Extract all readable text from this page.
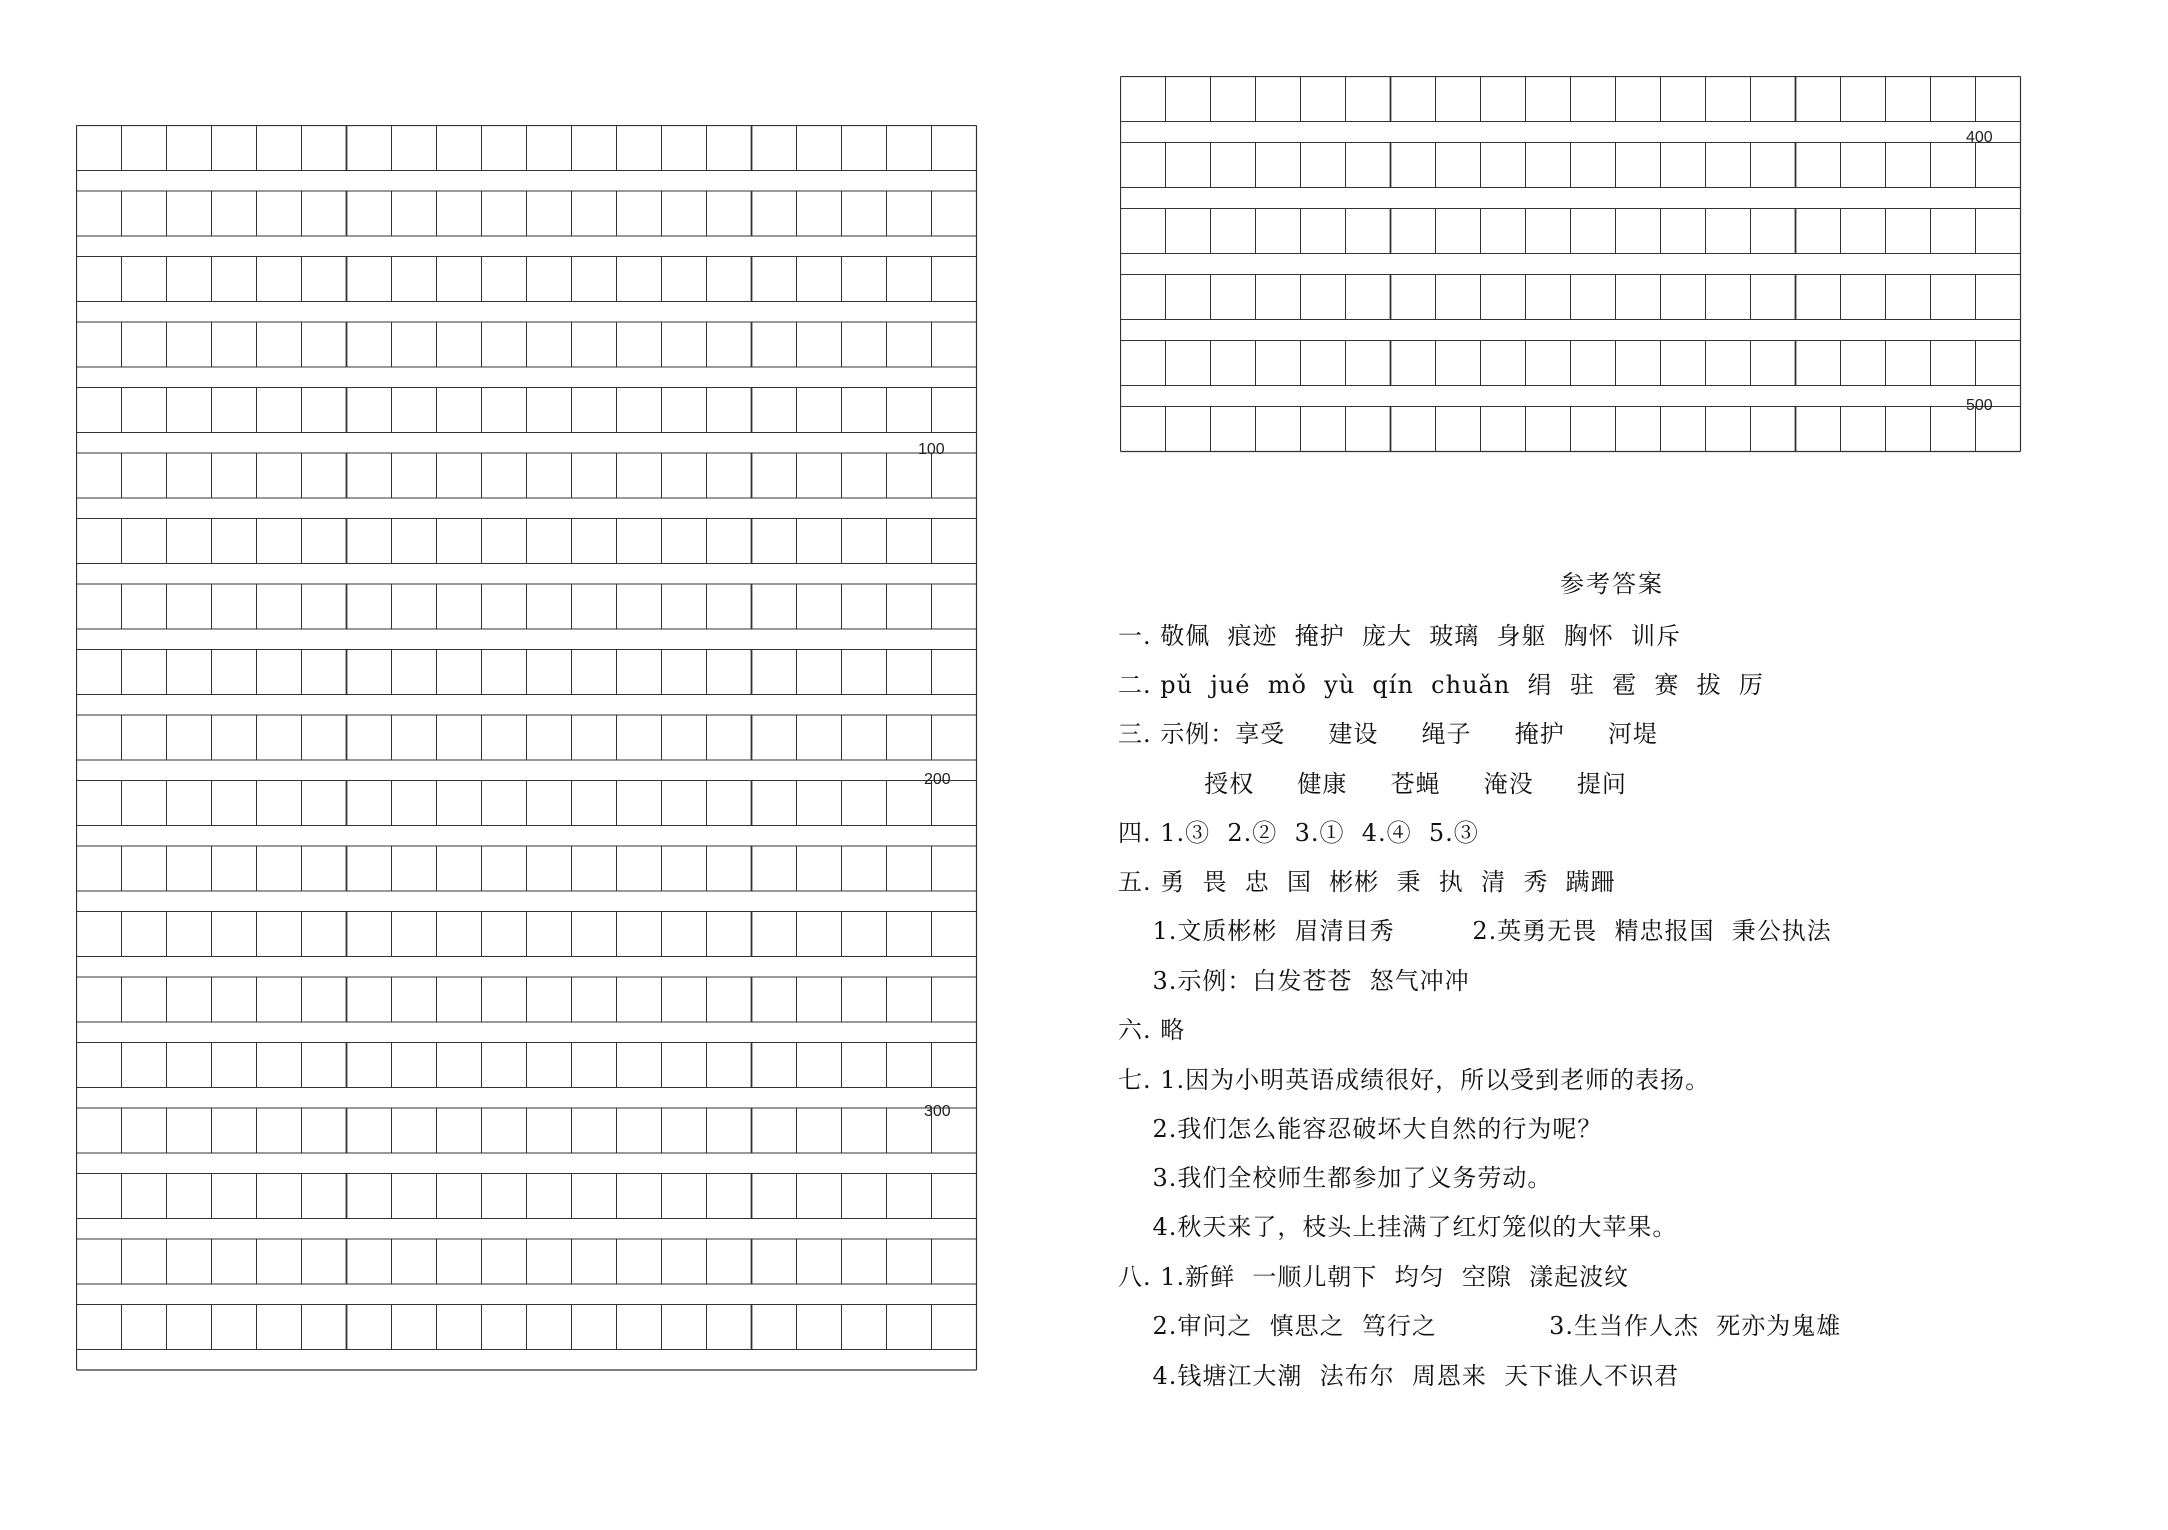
100
200
300
400
500
参考答案
一. 敬佩  痕迹  掩护  庞大  玻璃  身躯  胸怀  训斥
二. pǔ  jué  mǒ  yù  qín  chuǎn  绢  驻  雹  赛  拔  厉
三. 示例：享受     建设     绳子     掩护     河堤
授权     健康     苍蝇     淹没     提问
四. 1.③  2.②  3.①  4.④  5.③
五. 勇  畏  忠  国  彬彬  秉  执  清  秀  蹒跚
1.文质彬彬  眉清目秀         2.英勇无畏  精忠报国  秉公执法
3.示例：白发苍苍  怒气冲冲
六. 略
七. 1.因为小明英语成绩很好，所以受到老师的表扬。
2.我们怎么能容忍破坏大自然的行为呢？
3.我们全校师生都参加了义务劳动。
4.秋天来了，枝头上挂满了红灯笼似的大苹果。
八. 1.新鲜  一顺儿朝下  均匀  空隙  漾起波纹
2.审问之  慎思之  笃行之             3.生当作人杰  死亦为鬼雄
4.钱塘江大潮  法布尔  周恩来  天下谁人不识君
